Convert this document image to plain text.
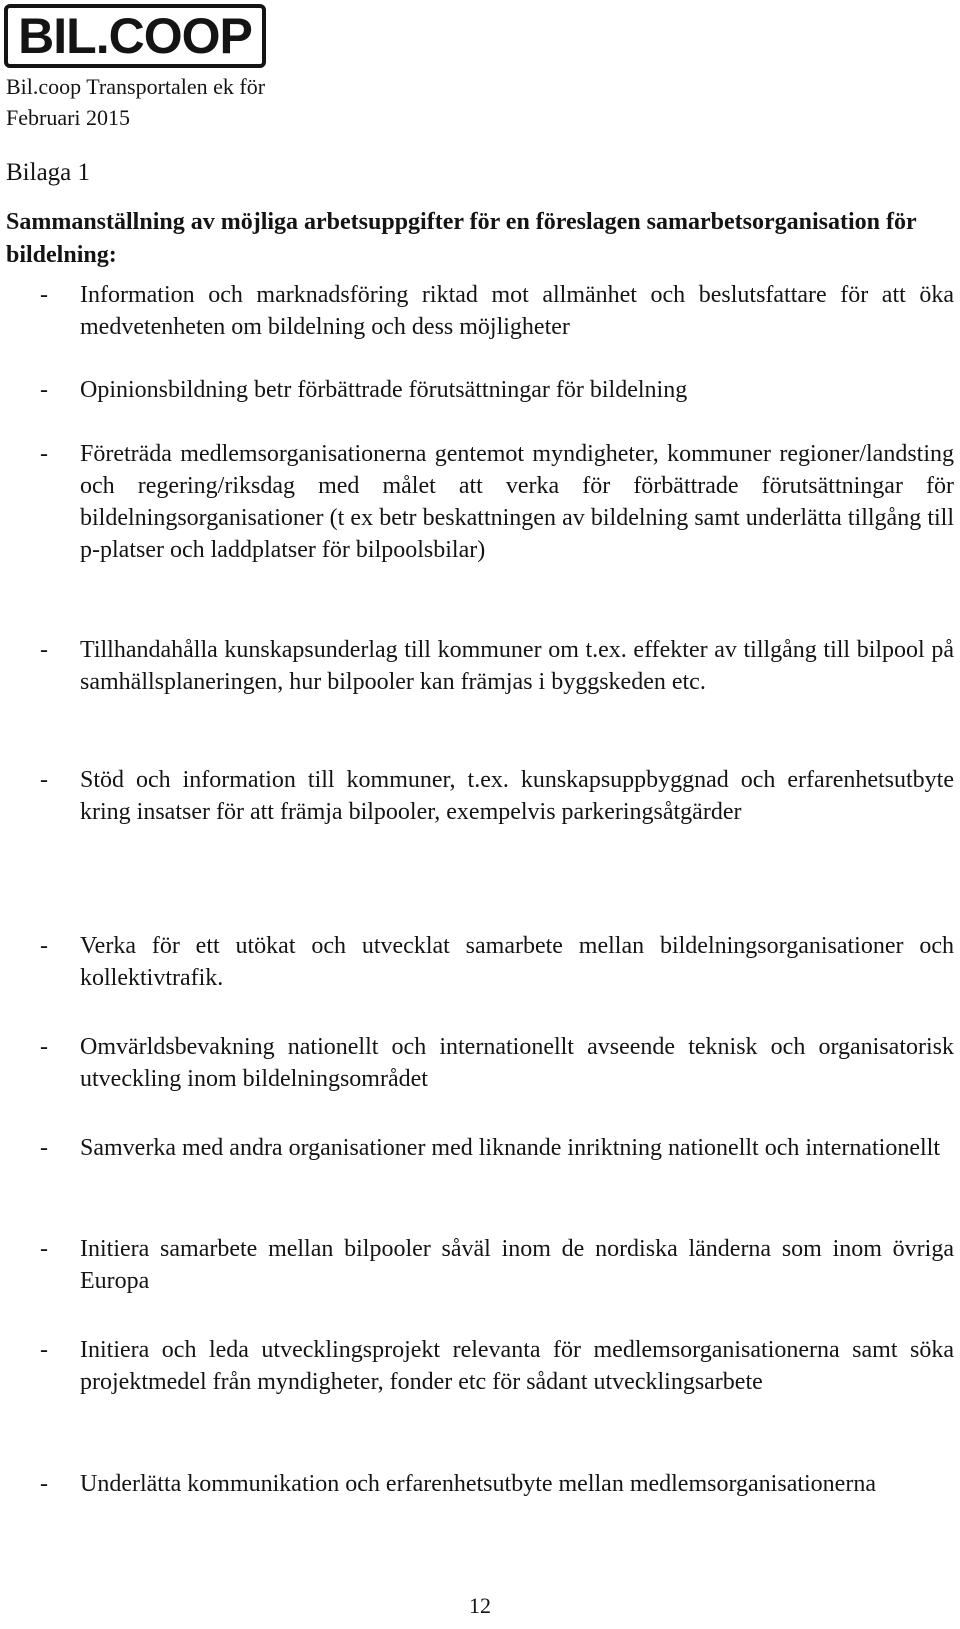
BIL.COOP
Bil.coop Transportalen ek för
Februari 2015
Bilaga 1
Sammanställning av möjliga arbetsuppgifter för en föreslagen samarbetsorganisation för bildelning:
- Information och marknadsföring riktad mot allmänhet och beslutsfattare för att öka medvetenheten om bildelning och dess möjligheter
- Opinionsbildning betr förbättrade förutsättningar för bildelning
- Företräda medlemsorganisationerna gentemot myndigheter, kommuner regioner/landsting och regering/riksdag med målet att verka för förbättrade förutsättningar för bildelningsorganisationer (t ex betr beskattningen av bildelning samt underlätta tillgång till p-platser och laddplatser för bilpoolsbilar)
- Tillhandahålla kunskapsunderlag till kommuner om t.ex. effekter av tillgång till bilpool på samhällsplaneringen, hur bilpooler kan främjas i byggskeden etc.
- Stöd och information till kommuner, t.ex. kunskapsuppbyggnad och erfarenhetsutbyte kring insatser för att främja bilpooler, exempelvis parkeringsåtgärder
- Verka för ett utökat och utvecklat samarbete mellan bildelningsorganisationer och kollektivtrafik.
- Omvärldsbevakning nationellt och internationellt avseende teknisk och organisatorisk utveckling inom bildelningsområdet
- Samverka med andra organisationer med liknande inriktning nationellt och internationellt
- Initiera samarbete mellan bilpooler såväl inom de nordiska länderna som inom övriga Europa
- Initiera och leda utvecklingsprojekt relevanta för medlemsorganisationerna samt söka projektmedel från myndigheter, fonder etc för sådant utvecklingsarbete
- Underlätta kommunikation och erfarenhetsutbyte mellan medlemsorganisationerna
12
